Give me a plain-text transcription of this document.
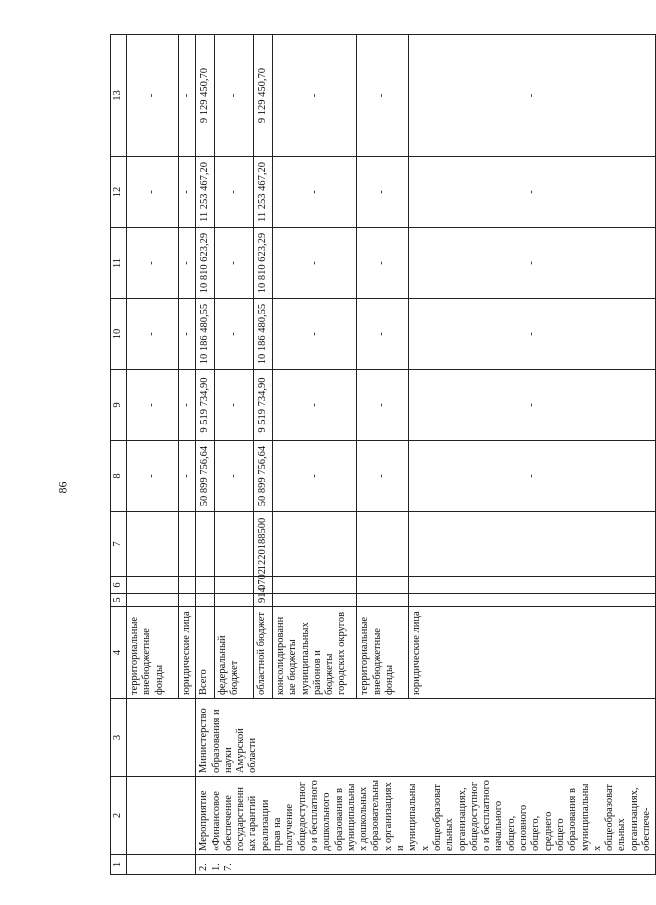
86
1	2	3	4	5	6	7	8	9	10	11	12	13
			территориальные внебюджетные фонды				-	-	-	-	-	-
			юридические лица				-	-	-	-	-	-
2.1.7.	Мероприятие «Финансовое обеспечение государственных гарантий реализации прав на получение общедоступного и бесплатного дошкольного образования в муниципальных дошкольных образовательных организациях и муниципальных общеобразовательных организациях, общедоступного и бесплатного начального общего, основного общего, среднего общего образования в муниципальных общеобразовательных организациях, обеспече-	Министерство образования и науки Амурской области	Всего				50 899 756,64	9 519 734,90	10 186 480,55	10 810 623,29	11 253 467,20	9 129 450,70
			федеральный бюджет				-	-	-	-	-	-
			областной бюджет	914	0702	1220188500	50 899 756,64	9 519 734,90	10 186 480,55	10 810 623,29	11 253 467,20	9 129 450,70
			консолидированные бюджеты муниципальных районов и бюджеты городских округов				-	-	-	-	-	-
			территориальные внебюджетные фонды				-	-	-	-	-	-
			юридические лица				-	-	-	-	-	-
